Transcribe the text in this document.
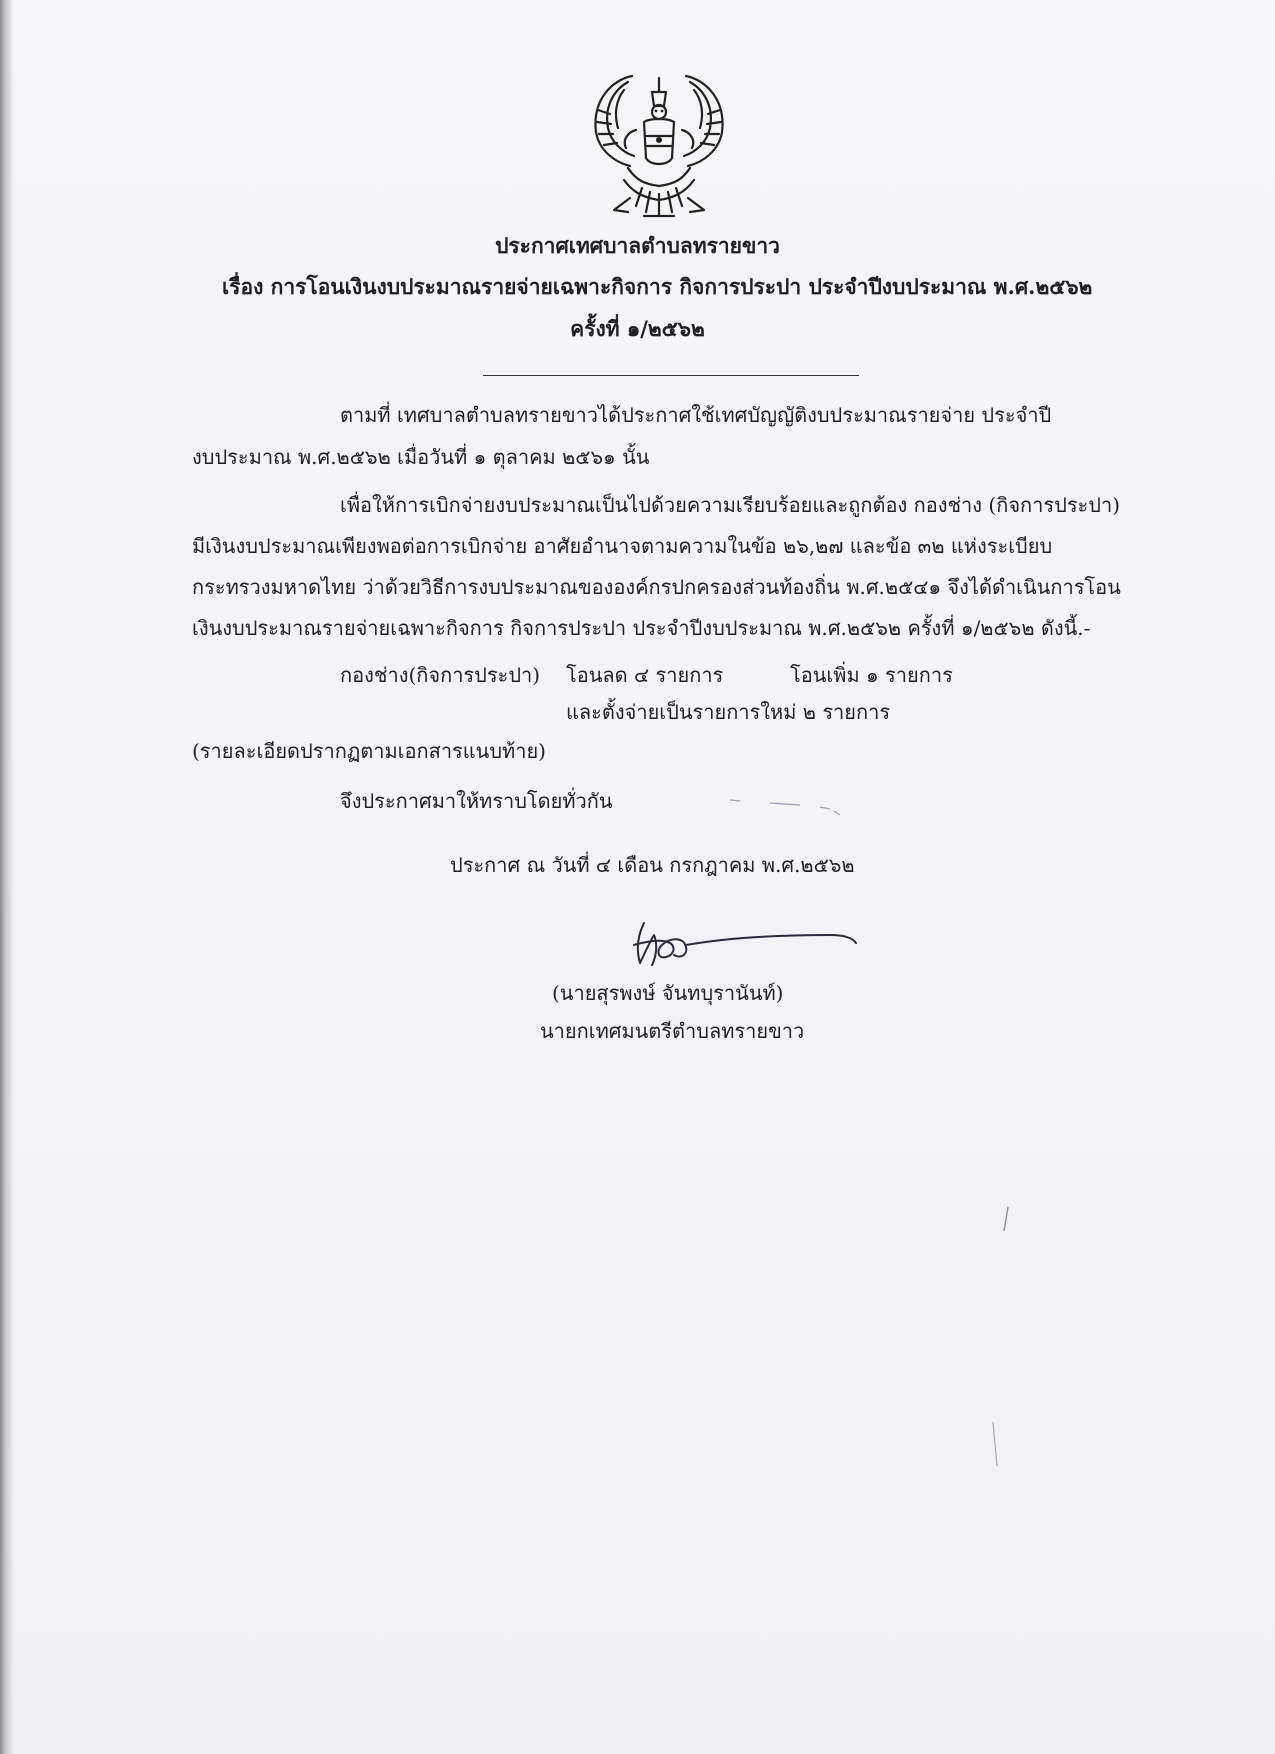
ประกาศเทศบาลตำบลทรายขาว
เรื่อง การโอนเงินงบประมาณรายจ่ายเฉพาะกิจการ กิจการประปา ประจำปีงบประมาณ พ.ศ.๒๕๖๒
ครั้งที่ ๑/๒๕๖๒
ตามที่ เทศบาลตำบลทรายขาวได้ประกาศใช้เทศบัญญัติงบประมาณรายจ่าย ประจำปี
งบประมาณ พ.ศ.๒๕๖๒ เมื่อวันที่ ๑ ตุลาคม ๒๕๖๑ นั้น
เพื่อให้การเบิกจ่ายงบประมาณเป็นไปด้วยความเรียบร้อยและถูกต้อง กองช่าง (กิจการประปา)
มีเงินงบประมาณเพียงพอต่อการเบิกจ่าย อาศัยอำนาจตามความในข้อ ๒๖,๒๗ และข้อ ๓๒ แห่งระเบียบ
กระทรวงมหาดไทย ว่าด้วยวิธีการงบประมาณขององค์กรปกครองส่วนท้องถิ่น พ.ศ.๒๕๔๑ จึงได้ดำเนินการโอน
เงินงบประมาณรายจ่ายเฉพาะกิจการ กิจการประปา ประจำปีงบประมาณ พ.ศ.๒๕๖๒ ครั้งที่ ๑/๒๕๖๒ ดังนี้.-
กองช่าง(กิจการประปา) โอนลด ๔ รายการ	โอนเพิ่ม ๑ รายการ
และตั้งจ่ายเป็นรายการใหม่ ๒ รายการ
(รายละเอียดปรากฏตามเอกสารแนบท้าย)
จึงประกาศมาให้ทราบโดยทั่วกัน
ประกาศ ณ วันที่ ๔ เดือน กรกฎาคม พ.ศ.๒๕๖๒
(นายสุรพงษ์ จันทบุรานันท์)
นายกเทศมนตรีตำบลทรายขาว
